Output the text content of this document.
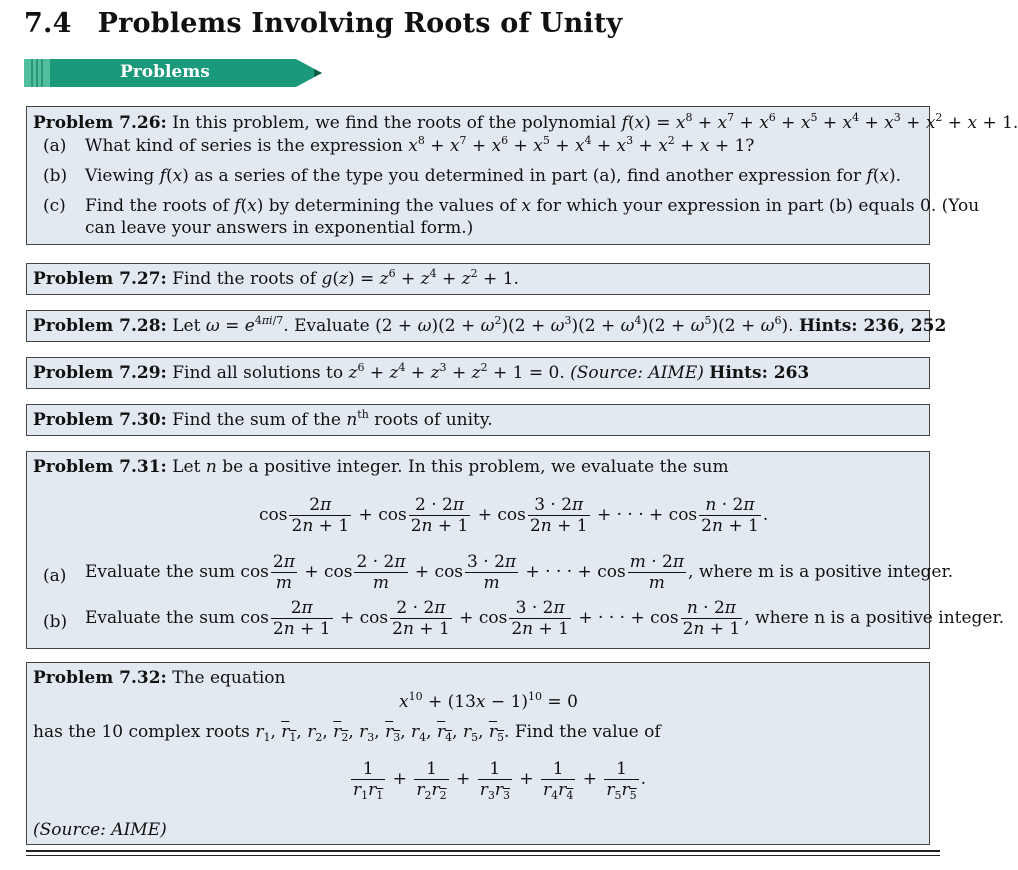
7.4 Problems Involving Roots of Unity
Problems
Problem 7.26: In this problem, we find the roots of the polynomial $f(x) = x^8 + x^7 + x^6 + x^5 + x^4 + x^3 + x^2 + x + 1$.
(a) What kind of series is the expression $x^8 + x^7 + x^6 + x^5 + x^4 + x^3 + x^2 + x + 1$?
(b) Viewing f(x) as a series of the type you determined in part (a), find another expression for f(x).
(c) Find the roots of f(x) by determining the values of x for which your expression in part (b) equals 0. (You
can leave your answers in exponential form.)
Problem 7.27: Find the roots of $g(z) = z^6 + z^4 + z^2 + 1$.
Problem 7.28: Let $\omega = e^{4\pi i/7}$. Evaluate $(2 + \omega)(2 + \omega^2)(2 + \omega^3)(2 + \omega^4)(2 + \omega^5)(2 + \omega^6)$. Hints: 236, 252
Problem 7.29: Find all solutions to $z^6 + z^4 + z^3 + z^2 + 1 = 0$. (Source: AIME) Hints: 263
Problem 7.30: Find the sum of the $n^{th}$ roots of unity.
Problem 7.31: Let n be a positive integer. In this problem, we evaluate the sum
$\cos \frac{2\pi}{2n + 1} + \cos \frac{2 \cdot 2\pi}{2n + 1} + \cos \frac{3 \cdot 2\pi}{2n + 1}$ + · · · + $\cos \frac{n \cdot 2\pi}{2n + 1}$ .
(a) Evaluate the sum $\cos \frac{2\pi}{m} + \cos \frac{2 \cdot 2\pi}{m} + \cos \frac{3 \cdot 2\pi}{m}$ + · · · + $\cos \frac{m \cdot 2\pi}{m}$ , where m is a positive integer.
(b) Evaluate the sum $\cos \frac{2\pi}{2n + 1} + \cos \frac{2 \cdot 2\pi}{2n + 1} + \cos \frac{3 \cdot 2\pi}{2n + 1}$ + · · · + $\cos \frac{n \cdot 2\pi}{2n + 1}$ , where n is a positive integer.
Problem 7.32: The equation
$x^{10} + (13x - 1)^{10} = 0$
has the 10 complex roots $r_1$, $r_1$, $r_2$, $r_2$, $r_3$, $r_3$, $r_4$, $r_4$, $r_5$, $r_5$. Find the value of
$\frac{1}{r_1r_1} + \frac{1}{r_2r_2} + \frac{1}{r_3r_3} + \frac{1}{r_4r_4} + \frac{1}{r_5r_5}$ .
(Source: AIME)
